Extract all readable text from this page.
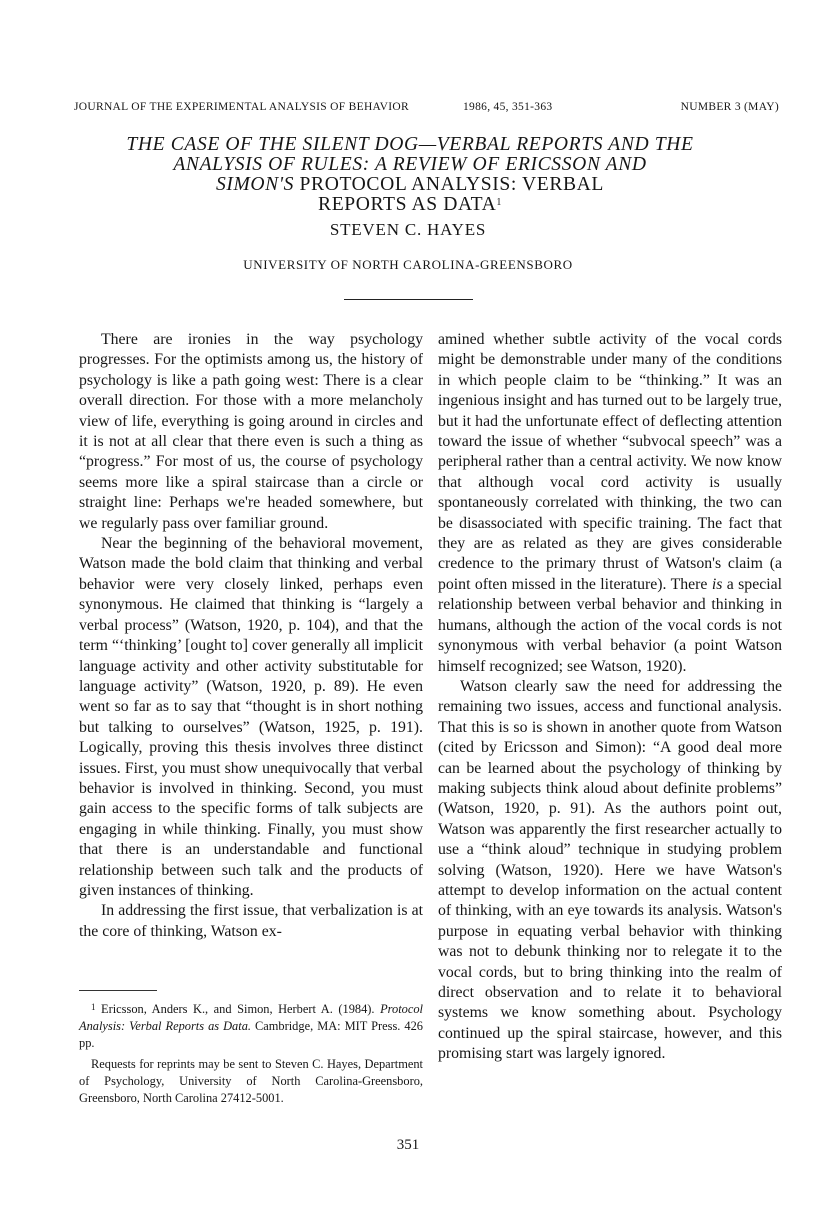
JOURNAL OF THE EXPERIMENTAL ANALYSIS OF BEHAVIOR	1986, 45, 351-363	NUMBER 3 (MAY)
THE CASE OF THE SILENT DOG—VERBAL REPORTS AND THE
ANALYSIS OF RULES: A REVIEW OF ERICSSON AND
SIMON'S PROTOCOL ANALYSIS: VERBAL
REPORTS AS DATA$^1$
STEVEN C. HAYES
UNIVERSITY OF NORTH CAROLINA-GREENSBORO

There are ironies in the way psychology progresses. For the optimists among us, the history of psychology is like a path going west: There is a clear overall direction. For those with a more melancholy view of life, everything is going around in circles and it is not at all clear that there even is such a thing as “progress.” For most of us, the course of psychology seems more like a spiral staircase than a circle or straight line: Perhaps we're headed somewhere, but we regularly pass over familiar ground.

Near the beginning of the behavioral movement, Watson made the bold claim that thinking and verbal behavior were very closely linked, perhaps even synonymous. He claimed that thinking is “largely a verbal process” (Watson, 1920, p. 104), and that the term “‘thinking’ [ought to] cover generally all implicit language activity and other activity substitutable for language activity” (Watson, 1920, p. 89). He even went so far as to say that “thought is in short nothing but talking to ourselves” (Watson, 1925, p. 191). Logically, proving this thesis involves three distinct issues. First, you must show unequivocally that verbal behavior is involved in thinking. Second, you must gain access to the specific forms of talk subjects are engaging in while thinking. Finally, you must show that there is an understandable and functional relationship between such talk and the products of given instances of thinking.

In addressing the first issue, that verbalization is at the core of thinking, Watson ex-

amined whether subtle activity of the vocal cords might be demonstrable under many of the conditions in which people claim to be “thinking.” It was an ingenious insight and has turned out to be largely true, but it had the unfortunate effect of deflecting attention toward the issue of whether “subvocal speech” was a peripheral rather than a central activity. We now know that although vocal cord activity is usually spontaneously correlated with thinking, the two can be disassociated with specific training. The fact that they are as related as they are gives considerable credence to the primary thrust of Watson's claim (a point often missed in the literature). There is a special relationship between verbal behavior and thinking in humans, although the action of the vocal cords is not synonymous with verbal behavior (a point Watson himself recognized; see Watson, 1920).

Watson clearly saw the need for addressing the remaining two issues, access and functional analysis. That this is so is shown in another quote from Watson (cited by Ericsson and Simon): “A good deal more can be learned about the psychology of thinking by making subjects think aloud about definite problems” (Watson, 1920, p. 91). As the authors point out, Watson was apparently the first researcher actually to use a “think aloud” technique in studying problem solving (Watson, 1920). Here we have Watson's attempt to develop information on the actual content of thinking, with an eye towards its analysis. Watson's purpose in equating verbal behavior with thinking was not to debunk thinking nor to relegate it to the vocal cords, but to bring thinking into the realm of direct observation and to relate it to behavioral systems we know something about. Psychology continued up the spiral staircase, however, and this promising start was largely ignored.

$^1$ Ericsson, Anders K., and Simon, Herbert A. (1984). Protocol Analysis: Verbal Reports as Data. Cambridge, MA: MIT Press. 426 pp.

Requests for reprints may be sent to Steven C. Hayes, Department of Psychology, University of North Carolina-Greensboro, Greensboro, North Carolina 27412-5001.

351
